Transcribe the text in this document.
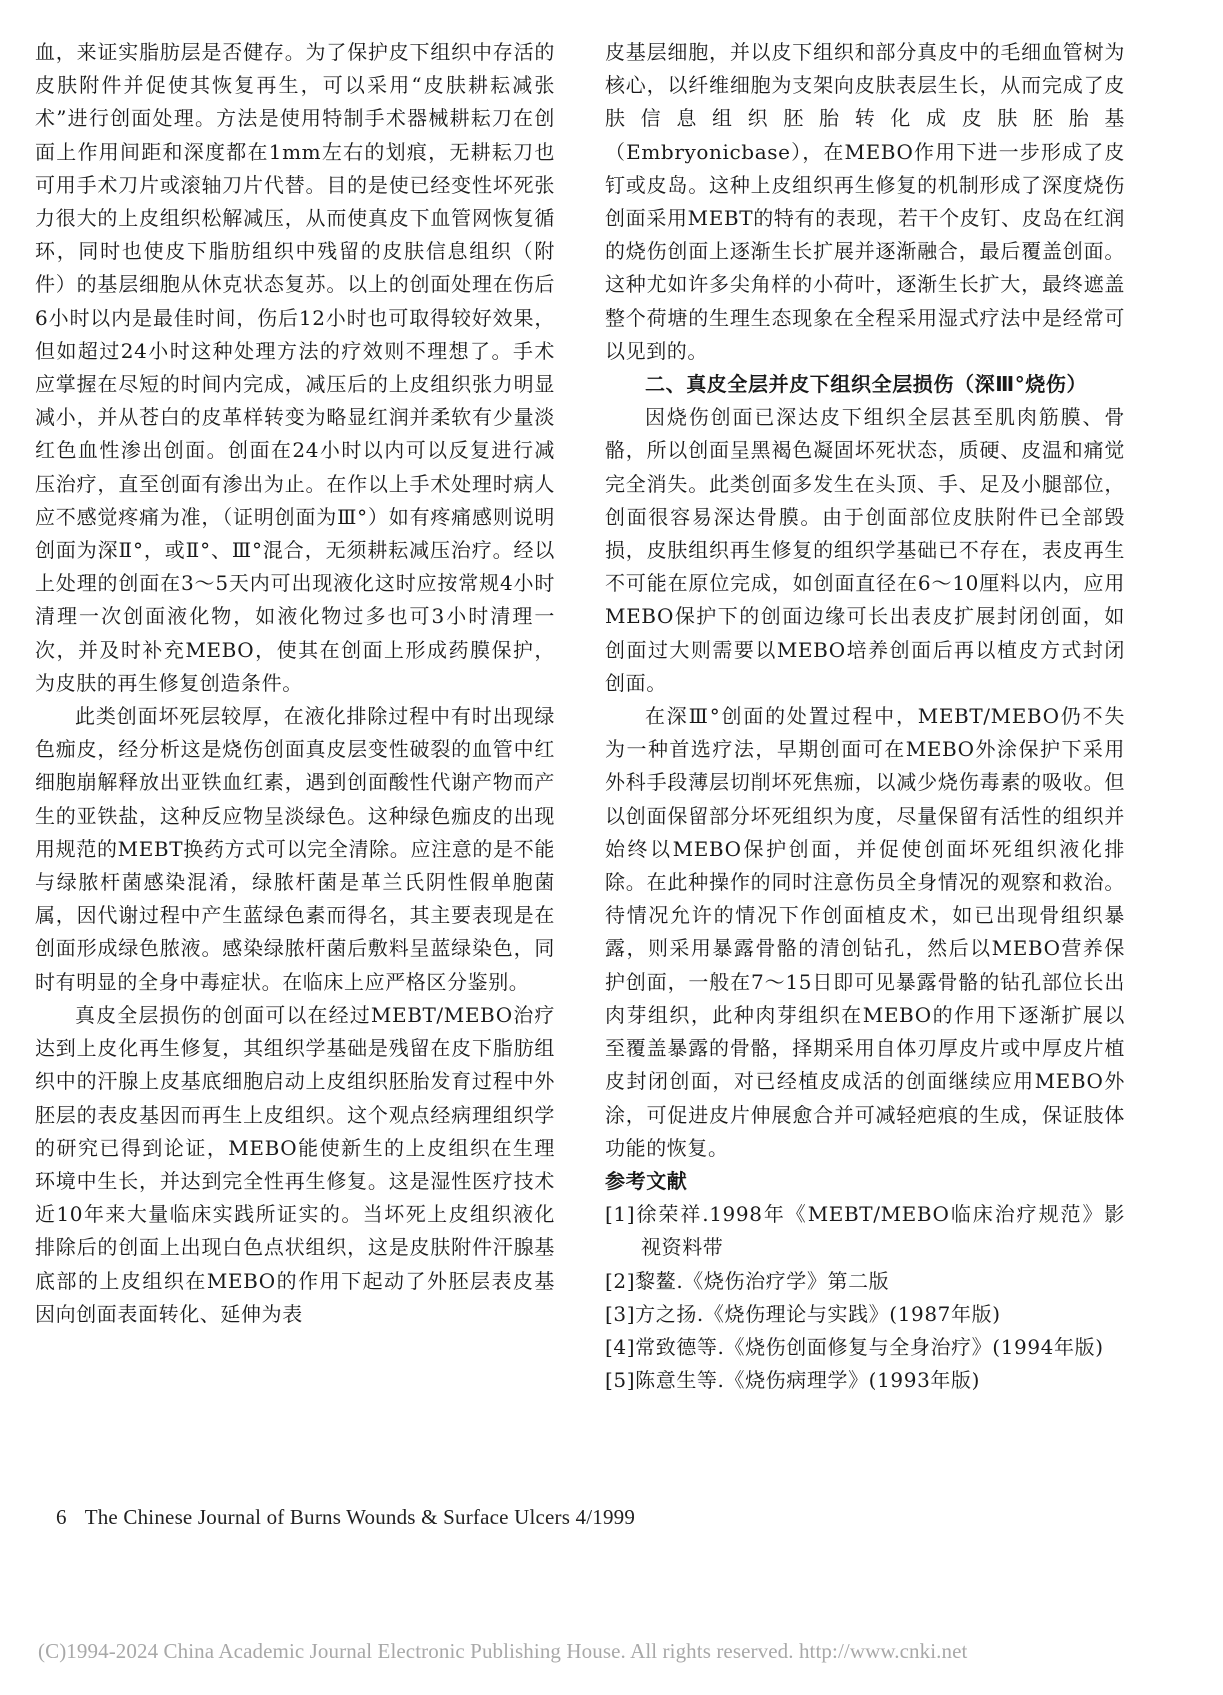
血，来证实脂肪层是否健存。为了保护皮下组织中存活的皮肤附件并促使其恢复再生，可以采用“皮肤耕耘减张术”进行创面处理。方法是使用特制手术器械耕耘刀在创面上作用间距和深度都在1mm左右的划痕，无耕耘刀也可用手术刀片或滚轴刀片代替。目的是使已经变性坏死张力很大的上皮组织松解减压，从而使真皮下血管网恢复循环，同时也使皮下脂肪组织中残留的皮肤信息组织（附件）的基层细胞从休克状态复苏。以上的创面处理在伤后6小时以内是最佳时间，伤后12小时也可取得较好效果，但如超过24小时这种处理方法的疗效则不理想了。手术应掌握在尽短的时间内完成，减压后的上皮组织张力明显减小，并从苍白的皮革样转变为略显红润并柔软有少量淡红色血性渗出创面。创面在24小时以内可以反复进行减压治疗，直至创面有渗出为止。在作以上手术处理时病人应不感觉疼痛为准，（证明创面为Ⅲ°）如有疼痛感则说明创面为深Ⅱ°，或Ⅱ°、Ⅲ°混合，无须耕耘减压治疗。经以上处理的创面在3～5天内可出现液化这时应按常规4小时清理一次创面液化物，如液化物过多也可3小时清理一次，并及时补充MEBO，使其在创面上形成药膜保护，为皮肤的再生修复创造条件。

此类创面坏死层较厚，在液化排除过程中有时出现绿色痂皮，经分析这是烧伤创面真皮层变性破裂的血管中红细胞崩解释放出亚铁血红素，遇到创面酸性代谢产物而产生的亚铁盐，这种反应物呈淡绿色。这种绿色痂皮的出现用规范的MEBT换药方式可以完全清除。应注意的是不能与绿脓杆菌感染混淆，绿脓杆菌是革兰氏阴性假单胞菌属，因代谢过程中产生蓝绿色素而得名，其主要表现是在创面形成绿色脓液。感染绿脓杆菌后敷料呈蓝绿染色，同时有明显的全身中毒症状。在临床上应严格区分鉴别。

真皮全层损伤的创面可以在经过MEBT/MEBO治疗达到上皮化再生修复，其组织学基础是残留在皮下脂肪组织中的汗腺上皮基底细胞启动上皮组织胚胎发育过程中外胚层的表皮基因而再生上皮组织。这个观点经病理组织学的研究已得到论证，MEBO能使新生的上皮组织在生理环境中生长，并达到完全性再生修复。这是湿性医疗技术近10年来大量临床实践所证实的。当坏死上皮组织液化排除后的创面上出现白色点状组织，这是皮肤附件汗腺基底部的上皮组织在MEBO的作用下起动了外胚层表皮基因向创面表面转化、延伸为表

皮基层细胞，并以皮下组织和部分真皮中的毛细血管树为核心，以纤维细胞为支架向皮肤表层生长，从而完成了皮肤信息组织胚胎转化成皮肤胚胎基（Embryonicbase），在MEBO作用下进一步形成了皮钉或皮岛。这种上皮组织再生修复的机制形成了深度烧伤创面采用MEBT的特有的表现，若干个皮钉、皮岛在红润的烧伤创面上逐渐生长扩展并逐渐融合，最后覆盖创面。这种尤如许多尖角样的小荷叶，逐渐生长扩大，最终遮盖整个荷塘的生理生态现象在全程采用湿式疗法中是经常可以见到的。

二、真皮全层并皮下组织全层损伤（深Ⅲ°烧伤）

因烧伤创面已深达皮下组织全层甚至肌肉筋膜、骨骼，所以创面呈黑褐色凝固坏死状态，质硬、皮温和痛觉完全消失。此类创面多发生在头顶、手、足及小腿部位，创面很容易深达骨膜。由于创面部位皮肤附件已全部毁损，皮肤组织再生修复的组织学基础已不存在，表皮再生不可能在原位完成，如创面直径在6～10厘料以内，应用MEBO保护下的创面边缘可长出表皮扩展封闭创面，如创面过大则需要以MEBO培养创面后再以植皮方式封闭创面。

在深Ⅲ°创面的处置过程中，MEBT/MEBO仍不失为一种首选疗法，早期创面可在MEBO外涂保护下采用外科手段薄层切削坏死焦痂，以减少烧伤毒素的吸收。但以创面保留部分坏死组织为度，尽量保留有活性的组织并始终以MEBO保护创面，并促使创面坏死组织液化排除。在此种操作的同时注意伤员全身情况的观察和救治。待情况允许的情况下作创面植皮术，如已出现骨组织暴露，则采用暴露骨骼的清创钻孔，然后以MEBO营养保护创面，一般在7～15日即可见暴露骨骼的钻孔部位长出肉芽组织，此种肉芽组织在MEBO的作用下逐渐扩展以至覆盖暴露的骨骼，择期采用自体刃厚皮片或中厚皮片植皮封闭创面，对已经植皮成活的创面继续应用MEBO外涂，可促进皮片伸展愈合并可减轻疤痕的生成，保证肢体功能的恢复。

参考文献

[1]徐荣祥.1998年《MEBT/MEBO临床治疗规范》影视资料带

[2]黎鳌.《烧伤治疗学》第二版

[3]方之扬.《烧伤理论与实践》(1987年版)

[4]常致德等.《烧伤创面修复与全身治疗》(1994年版)

[5]陈意生等.《烧伤病理学》(1993年版)

6 The Chinese Journal of Burns Wounds & Surface Ulcers 4/1999
(C)1994-2024 China Academic Journal Electronic Publishing House. All rights reserved. http://www.cnki.net
